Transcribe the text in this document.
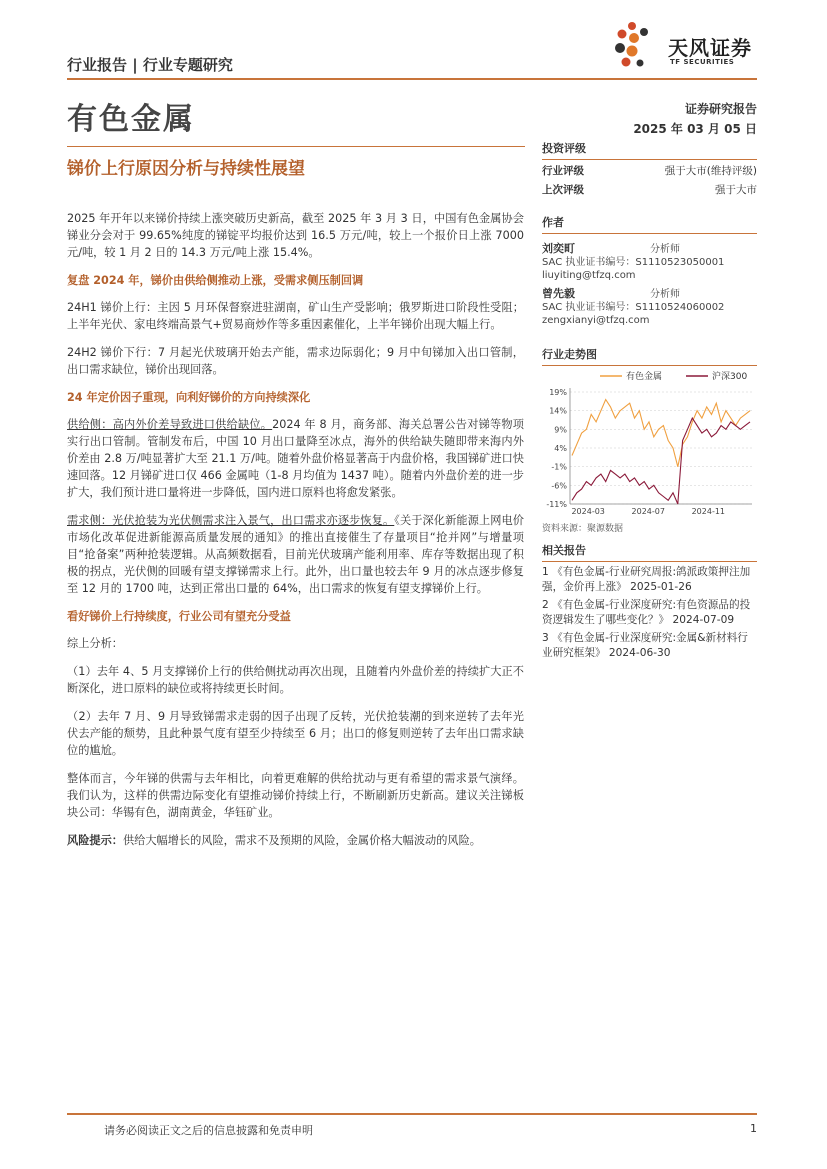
行业报告 | 行业专题研究
天风证券
TF SECURITIES
有色金属	证券研究报告
2025 年 03 月 05 日
锑价上行原因分析与持续性展望

2025 年开年以来锑价持续上涨突破历史新高，截至 2025 年 3 月 3 日，中国有色金属协会锑业分会对于 99.65%纯度的锑锭平均报价达到 16.5 万元/吨，较上一个报价日上涨 7000 元/吨，较 1 月 2 日的 14.3 万元/吨上涨 15.4%。

复盘 2024 年，锑价由供给侧推动上涨，受需求侧压制回调

24H1 锑价上行：主因 5 月环保督察进驻湖南，矿山生产受影响；俄罗斯进口阶段性受阻；上半年光伏、家电终端高景气+贸易商炒作等多重因素催化，上半年锑价出现大幅上行。

24H2 锑价下行：7 月起光伏玻璃开始去产能，需求边际弱化；9 月中旬锑加入出口管制，出口需求缺位，锑价出现回落。

24 年定价因子重现，向利好锑价的方向持续深化

供给侧：高内外价差导致进口供给缺位。2024 年 8 月，商务部、海关总署公告对锑等物项实行出口管制。管制发布后，中国 10 月出口量降至冰点，海外的供给缺失随即带来海内外价差由 2.8 万/吨显著扩大至 21.1 万/吨。随着外盘价格显著高于内盘价格，我国锑矿进口快速回落。12 月锑矿进口仅 466 金属吨（1-8 月均值为 1437 吨）。随着内外盘价差的进一步扩大，我们预计进口量将进一步降低，国内进口原料也将愈发紧张。

需求侧：光伏抢装为光伏侧需求注入景气，出口需求亦逐步恢复。《关于深化新能源上网电价市场化改革促进新能源高质量发展的通知》的推出直接催生了存量项目“抢并网”与增量项目“抢备案”两种抢装逻辑。从高频数据看，目前光伏玻璃产能利用率、库存等数据出现了积极的拐点，光伏侧的回暖有望支撑锑需求上行。此外，出口量也较去年 9 月的冰点逐步修复至 12 月的 1700 吨，达到正常出口量的 64%，出口需求的恢复有望支撑锑价上行。

看好锑价上行持续度，行业公司有望充分受益

综上分析：

（1）去年 4、5 月支撑锑价上行的供给侧扰动再次出现，且随着内外盘价差的持续扩大正不断深化，进口原料的缺位或将持续更长时间。

（2）去年 7 月、9 月导致锑需求走弱的因子出现了反转，光伏抢装潮的到来逆转了去年光伏去产能的颓势，且此种景气度有望至少持续至 6 月；出口的修复则逆转了去年出口需求缺位的尴尬。

整体而言，今年锑的供需与去年相比，向着更难解的供给扰动与更有希望的需求景气演绎。我们认为，这样的供需边际变化有望推动锑价持续上行，不断刷新历史新高。建议关注锑板块公司：华锡有色，湖南黄金，华钰矿业。

风险提示：供给大幅增长的风险，需求不及预期的风险，金属价格大幅波动的风险。

投资评级
行业评级	强于大市(维持评级)
上次评级	强于大市
作者
刘奕町	分析师
SAC 执业证书编号：S1110523050001
liuyiting@tfzq.com
曾先毅	分析师
SAC 执业证书编号：S1110524060002
zengxianyi@tfzq.com
行业走势图
有色金属	沪深300
19%
14%
9%
4%
-1%
-6%
-11%
2024-03	2024-07	2024-11
资料来源：聚源数据
相关报告
1 《有色金属-行业研究周报:鸽派政策押注加强，金价再上涨》 2025-01-26
2 《有色金属-行业深度研究:有色资源品的投资逻辑发生了哪些变化？》 2024-07-09
3 《有色金属-行业深度研究:金属&新材料行业研究框架》 2024-06-30
请务必阅读正文之后的信息披露和免责申明	1
